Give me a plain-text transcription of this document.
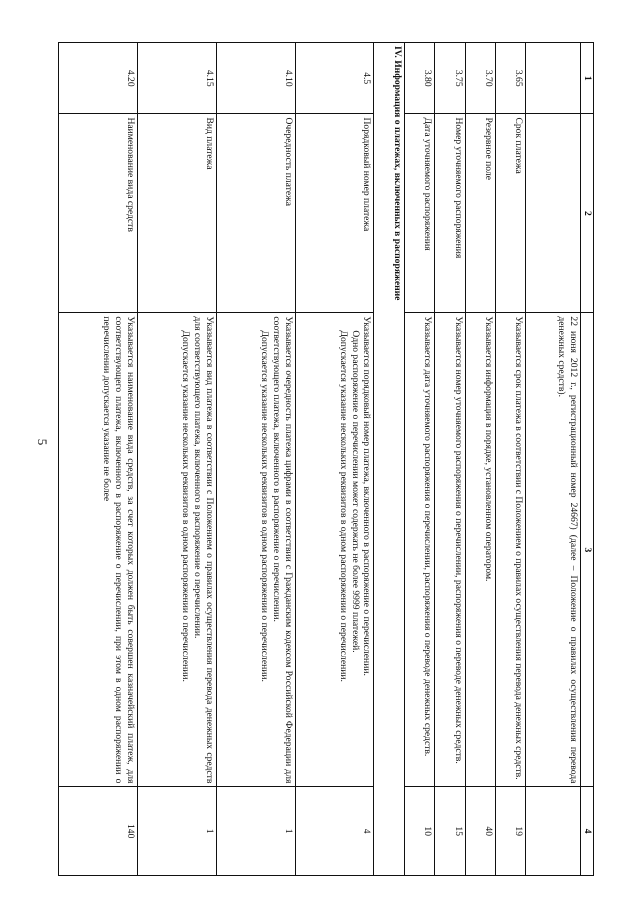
5
1	2	3	4

		22 июня 2012 г., регистрационный номер 24667) (далее – Положение о правилах осуществления перевода денежных средств).	

3.65	Срок платежа	Указывается срок платежа в соответствии с Положением о правилах осуществления перевода денежных средств.	19
3.70	Резервное поле	Указывается информация в порядке, установленном оператором.	40
3.75	Номер уточняемого распоряжения	Указывается номер уточняемого распоряжения о перечислении, распоряжения о переводе денежных средств.	15
3.80	Дата уточняемого распоряжения	Указывается дата уточняемого распоряжения о перечислении, распоряжения о переводе денежных средств.	10
IV. Информация о платежах, включенных в распоряжение			
4.5	Порядковый номер платежа	Указывается порядковый номер платежа, включенного в распоряжение о перечислении.
Одно распоряжение о перечислении может содержать не более 9999 платежей.
Допускается указание нескольких реквизитов в одном распоряжении о перечислении.	4
4.10	Очередность платежа	Указывается очередность платежа цифрами в соответствии с Гражданским кодексом Российской Федерации для соответствующего платежа, включенного в распоряжение о перечислении.
Допускается указание нескольких реквизитов в одном распоряжении о перечислении.	1
4.15	Вид платежа	Указывается вид платежа в соответствии с Положением о правилах осуществления перевода денежных средств для соответствующего платежа, включенного в распоряжение о перечислении.
Допускается указание нескольких реквизитов в одном распоряжении о перечислении.	1
4.20	Наименование вида средств	Указывается наименование вида средств, за счет которых должен быть совершен казначейский платеж, для соответствующего платежа, включенного в распоряжение о перечислении, при этом в одном распоряжении о перечислении допускается указание не более	140
